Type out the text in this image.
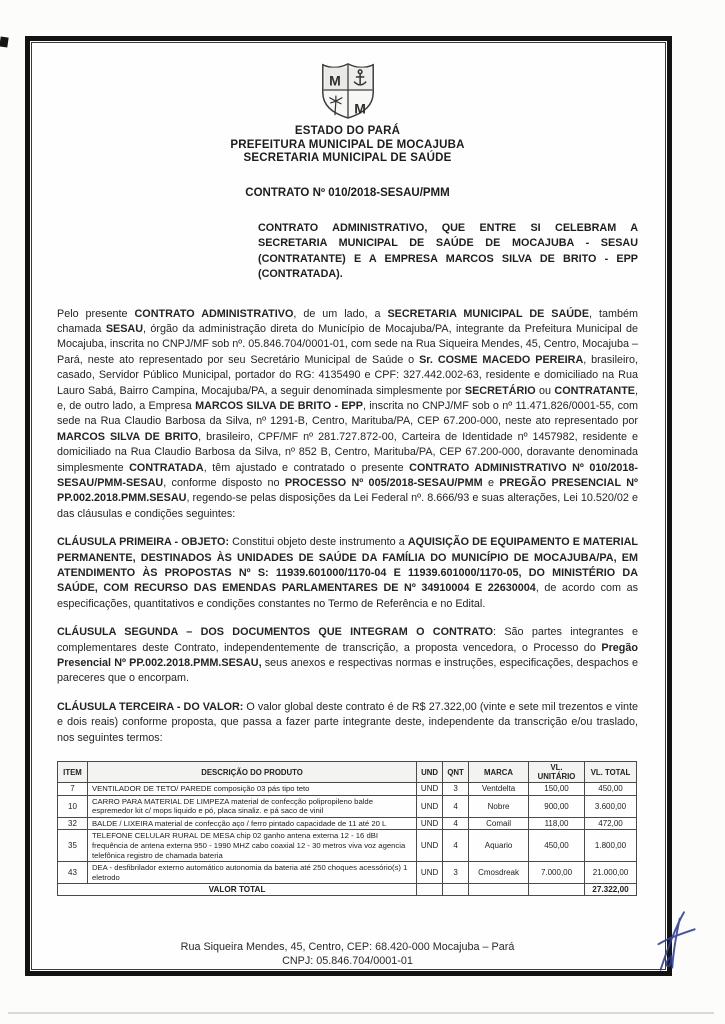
M
M
ESTADO DO PARÁ
PREFEITURA MUNICIPAL DE MOCAJUBA
SECRETARIA MUNICIPAL DE SAÚDE
CONTRATO Nº 010/2018-SESAU/PMM
CONTRATO ADMINISTRATIVO, QUE ENTRE SI CELEBRAM A SECRETARIA MUNICIPAL DE SAÚDE DE MOCAJUBA - SESAU (CONTRATANTE) E A EMPRESA MARCOS SILVA DE BRITO - EPP (CONTRATADA).
Pelo presente CONTRATO ADMINISTRATIVO, de um lado, a SECRETARIA MUNICIPAL DE SAÚDE, também chamada SESAU, órgão da administração direta do Município de Mocajuba/PA, integrante da Prefeitura Municipal de Mocajuba, inscrita no CNPJ/MF sob nº. 05.846.704/0001-01, com sede na Rua Siqueira Mendes, 45, Centro, Mocajuba – Pará, neste ato representado por seu Secretário Municipal de Saúde o Sr. COSME MACEDO PEREIRA, brasileiro, casado, Servidor Público Municipal, portador do RG: 4135490 e CPF: 327.442.002-63, residente e domiciliado na Rua Lauro Sabá, Bairro Campina, Mocajuba/PA, a seguir denominada simplesmente por SECRETÁRIO ou CONTRATANTE, e, de outro lado, a Empresa MARCOS SILVA DE BRITO - EPP, inscrita no CNPJ/MF sob o nº 11.471.826/0001-55, com sede na Rua Claudio Barbosa da Silva, nº 1291-B, Centro, Marituba/PA, CEP 67.200-000, neste ato representado por MARCOS SILVA DE BRITO, brasileiro, CPF/MF nº 281.727.872-00, Carteira de Identidade nº 1457982, residente e domiciliado na Rua Claudio Barbosa da Silva, nº 852 B, Centro, Marituba/PA, CEP 67.200-000, doravante denominada simplesmente CONTRATADA, têm ajustado e contratado o presente CONTRATO ADMINISTRATIVO Nº 010/2018-SESAU/PMM-SESAU, conforme disposto no PROCESSO Nº 005/2018-SESAU/PMM e PREGÃO PRESENCIAL Nº PP.002.2018.PMM.SESAU, regendo-se pelas disposições da Lei Federal nº. 8.666/93 e suas alterações, Lei 10.520/02 e das cláusulas e condições seguintes:
CLÁUSULA PRIMEIRA - OBJETO: Constitui objeto deste instrumento a AQUISIÇÃO DE EQUIPAMENTO E MATERIAL PERMANENTE, DESTINADOS ÀS UNIDADES DE SAÚDE DA FAMÍLIA DO MUNICÍPIO DE MOCAJUBA/PA, EM ATENDIMENTO ÀS PROPOSTAS Nº S: 11939.601000/1170-04 E 11939.601000/1170-05, DO MINISTÉRIO DA SAÚDE, COM RECURSO DAS EMENDAS PARLAMENTARES DE Nº 34910004 E 22630004, de acordo com as especificações, quantitativos e condições constantes no Termo de Referência e no Edital.
CLÁUSULA SEGUNDA – DOS DOCUMENTOS QUE INTEGRAM O CONTRATO: São partes integrantes e complementares deste Contrato, independentemente de transcrição, a proposta vencedora, o Processo do Pregão Presencial Nº PP.002.2018.PMM.SESAU, seus anexos e respectivas normas e instruções, especificações, despachos e pareceres que o encorpam.
CLÁUSULA TERCEIRA - DO VALOR: O valor global deste contrato é de R$ 27.322,00 (vinte e sete mil trezentos e vinte e dois reais) conforme proposta, que passa a fazer parte integrante deste, independente da transcrição e/ou traslado, nos seguintes termos:
ITEM	DESCRIÇÃO DO PRODUTO	UND	QNT	MARCA	VL. UNITÁRIO	VL. TOTAL
7	VENTILADOR DE TETO/ PAREDE composição 03 pás tipo teto	UND	3	Ventdelta	150,00	450,00
10	CARRO PARA MATERIAL DE LIMPEZA material de confecção polipropileno balde espremedor kit c/ mops liquido e pó, placa sinaliz. e pá saco de vinil	UND	4	Nobre	900,00	3.600,00
32	BALDE / LIXEIRA material de confecção aço / ferro pintado capacidade de 11 até 20 L	UND	4	Comail	118,00	472,00
35	TELEFONE CELULAR RURAL DE MESA chip 02 ganho antena externa 12 - 16 dBI frequência de antena externa 950 - 1990 MHZ cabo coaxial 12 - 30 metros viva voz agencia telefônica registro de chamada bateria	UND	4	Aquario	450,00	1.800,00
43	DEA - desfibrilador externo automático autonomia da bateria até 250 choques acessório(s) 1 eletrodo	UND	3	Cmosdreak	7.000,00	21.000,00
VALOR TOTAL						27.322,00
Rua Siqueira Mendes, 45, Centro, CEP: 68.420-000 Mocajuba – Pará
CNPJ: 05.846.704/0001-01
